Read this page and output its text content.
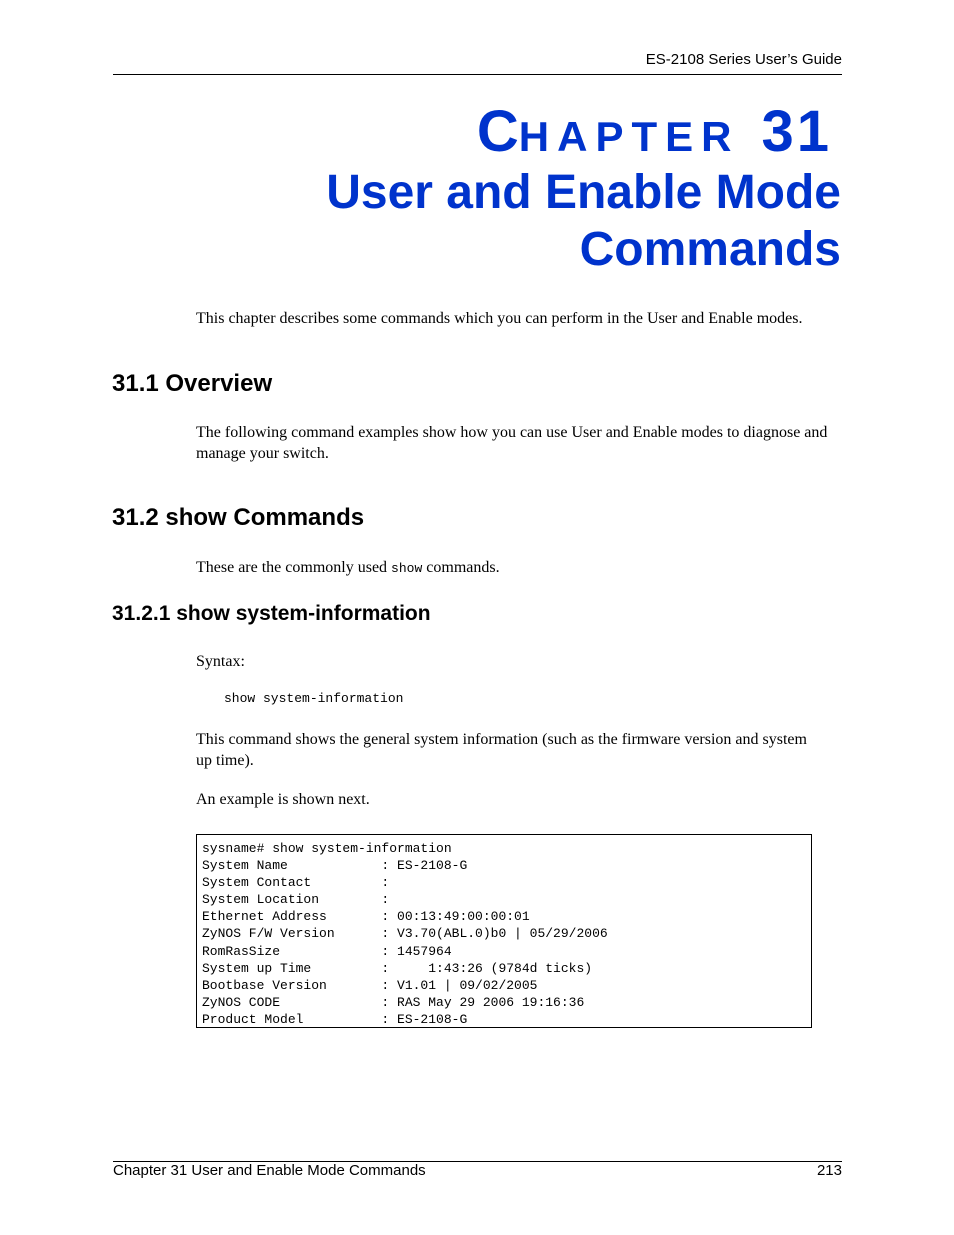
ES-2108 Series User’s Guide
CHAPTER 31
User and Enable Mode
Commands
This chapter describes some commands which you can perform in the User and Enable modes.
31.1 Overview
The following command examples show how you can use User and Enable modes to diagnose and manage your switch.
31.2 show Commands
These are the commonly used show commands.
31.2.1 show system-information
Syntax:
show system-information
This command shows the general system information (such as the firmware version and system up time).
An example is shown next.
sysname# show system-information
System Name            : ES-2108-G
System Contact         :
System Location        :
Ethernet Address       : 00:13:49:00:00:01
ZyNOS F/W Version      : V3.70(ABL.0)b0 | 05/29/2006
RomRasSize             : 1457964
System up Time         :     1:43:26 (9784d ticks)
Bootbase Version       : V1.01 | 09/02/2005
ZyNOS CODE             : RAS May 29 2006 19:16:36
Product Model          : ES-2108-G
Chapter 31 User and Enable Mode Commands	213
